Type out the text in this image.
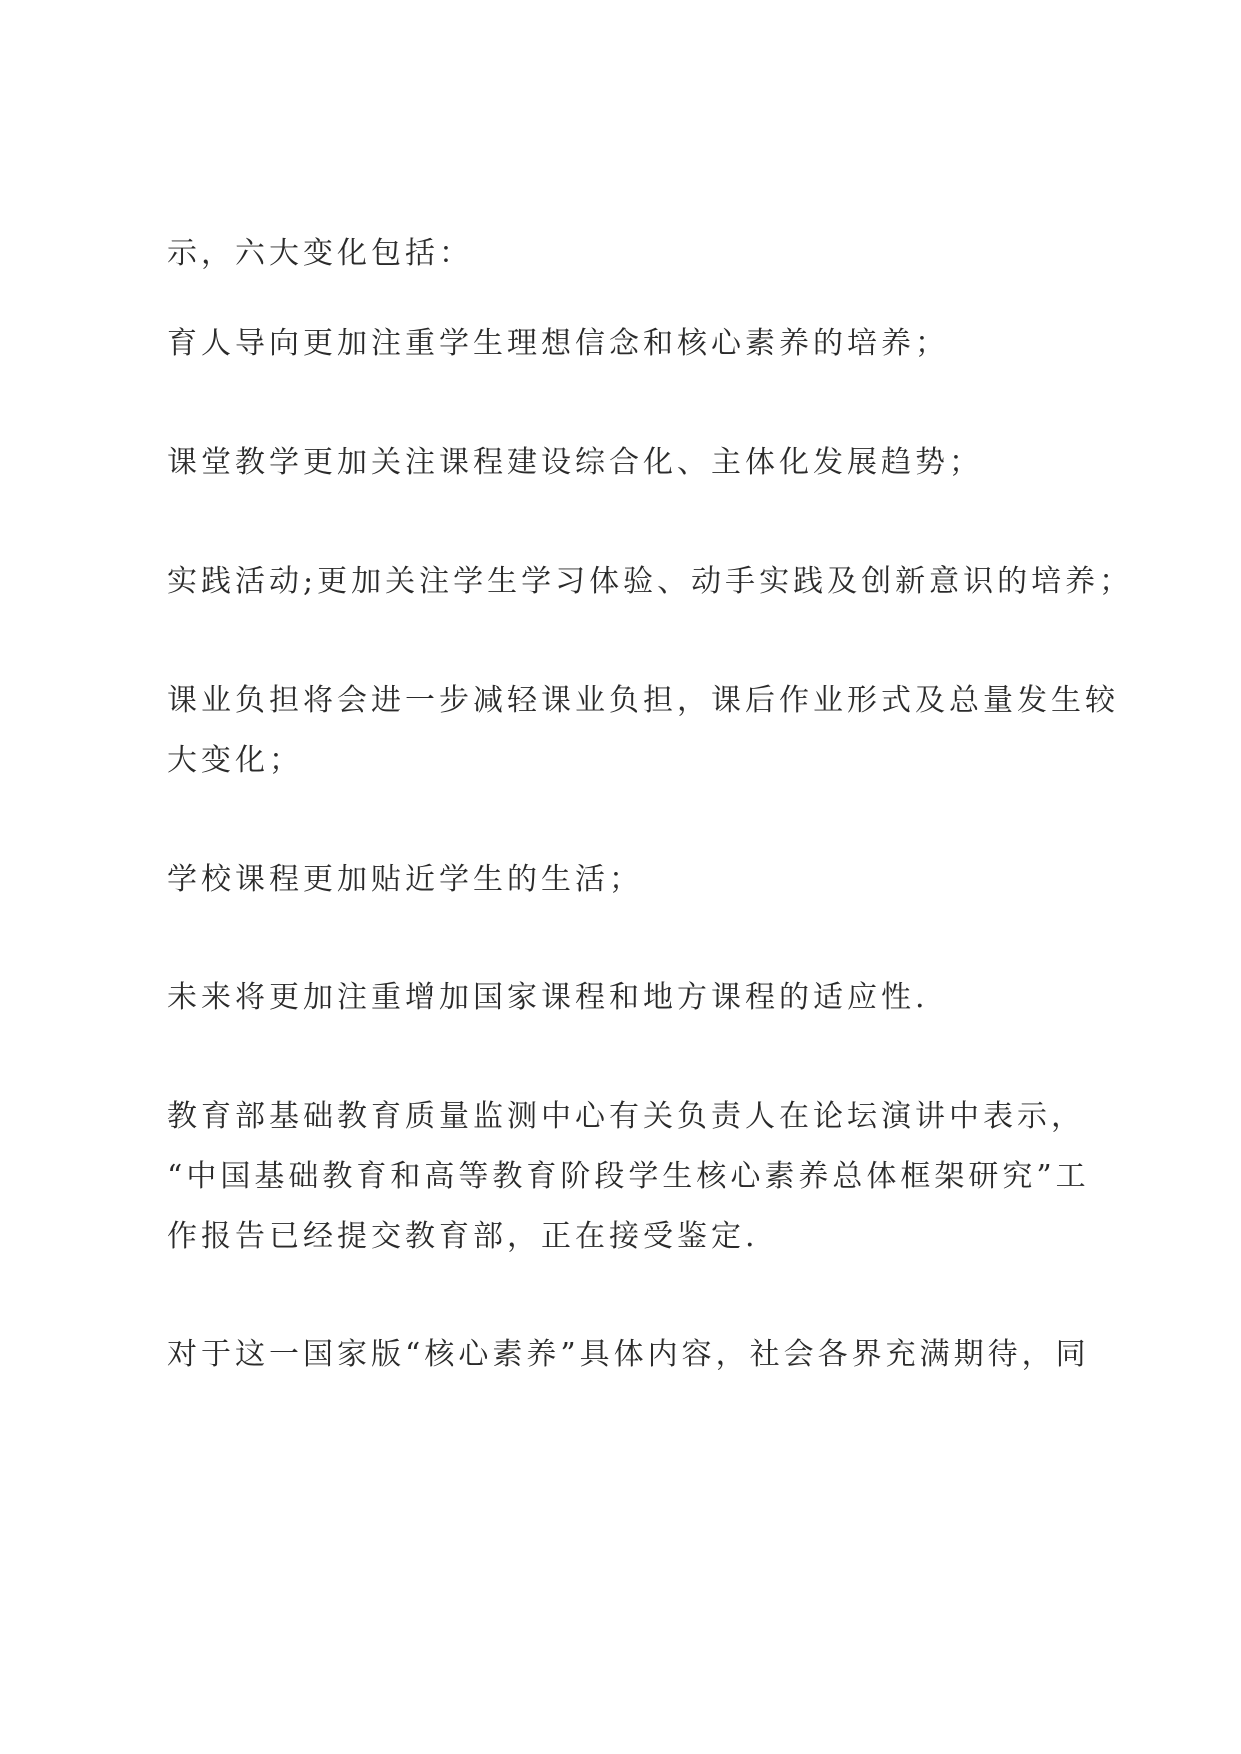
示，六大变化包括：

育人导向更加注重学生理想信念和核心素养的培养；

课堂教学更加关注课程建设综合化、主体化发展趋势；

实践活动;更加关注学生学习体验、动手实践及创新意识的培养；

课业负担将会进一步减轻课业负担，课后作业形式及总量发生较
大变化；

学校课程更加贴近学生的生活；

未来将更加注重增加国家课程和地方课程的适应性.

教育部基础教育质量监测中心有关负责人在论坛演讲中表示，
“中国基础教育和高等教育阶段学生核心素养总体框架研究”工
作报告已经提交教育部，正在接受鉴定.

对于这一国家版“核心素养”具体内容，社会各界充满期待，同
